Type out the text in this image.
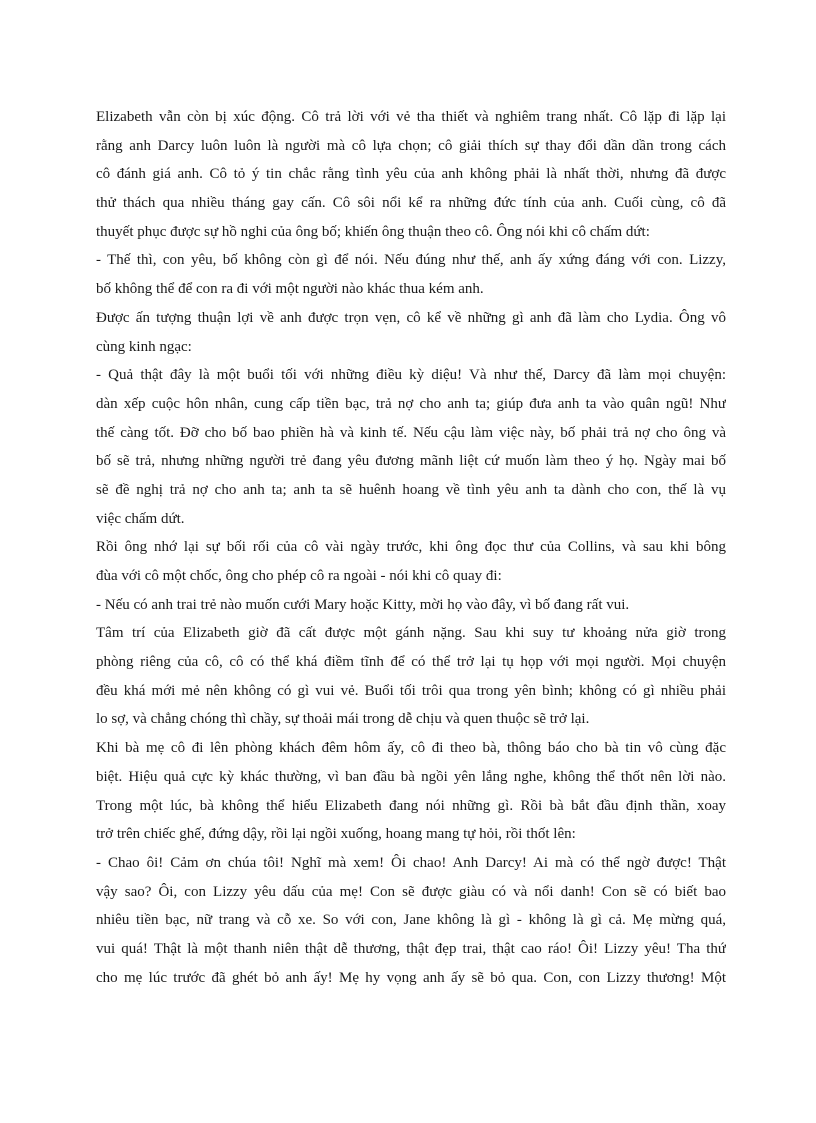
Elizabeth vẫn còn bị xúc động. Cô trả lời với vẻ tha thiết và nghiêm trang nhất. Cô lặp đi lặp lại
rằng anh Darcy luôn luôn là người mà cô lựa chọn; cô giải thích sự thay đổi dần dần trong cách
cô đánh giá anh. Cô tỏ ý tin chắc rằng tình yêu của anh không phải là nhất thời, nhưng đã được
thử thách qua nhiều tháng gay cấn. Cô sôi nổi kể ra những đức tính của anh. Cuối cùng, cô đã
thuyết phục được sự hồ nghi của ông bố; khiến ông thuận theo cô. Ông nói khi cô chấm dứt:
- Thế thì, con yêu, bố không còn gì để nói. Nếu đúng như thế, anh ấy xứng đáng với con. Lizzy,
bố không thể để con ra đi với một người nào khác thua kém anh.
Được ấn tượng thuận lợi về anh được trọn vẹn, cô kể về những gì anh đã làm cho Lydia. Ông vô
cùng kinh ngạc:
- Quả thật đây là một buổi tối với những điều kỳ diệu! Và như thế, Darcy đã làm mọi chuyện:
dàn xếp cuộc hôn nhân, cung cấp tiền bạc, trả nợ cho anh ta; giúp đưa anh ta vào quân ngũ! Như
thế càng tốt. Đỡ cho bố bao phiền hà và kinh tế. Nếu cậu làm việc này, bố phải trả nợ cho ông và
bố sẽ trả, nhưng những người trẻ đang yêu đương mãnh liệt cứ muốn làm theo ý họ. Ngày mai bố
sẽ đề nghị trả nợ cho anh ta; anh ta sẽ huênh hoang về tình yêu anh ta dành cho con, thế là vụ
việc chấm dứt.
Rồi ông nhớ lại sự bối rối của cô vài ngày trước, khi ông đọc thư của Collins, và sau khi bông
đùa với cô một chốc, ông cho phép cô ra ngoài - nói khi cô quay đi:
- Nếu có anh trai trẻ nào muốn cưới Mary hoặc Kitty, mời họ vào đây, vì bố đang rất vui.
Tâm trí của Elizabeth giờ đã cất được một gánh nặng. Sau khi suy tư khoảng nửa giờ trong
phòng riêng của cô, cô có thể khá điềm tĩnh để có thể trở lại tụ họp với mọi người. Mọi chuyện
đều khá mới mẻ nên không có gì vui vẻ. Buổi tối trôi qua trong yên bình; không có gì nhiều phải
lo sợ, và chẳng chóng thì chầy, sự thoải mái trong dễ chịu và quen thuộc sẽ trở lại.
Khi bà mẹ cô đi lên phòng khách đêm hôm ấy, cô đi theo bà, thông báo cho bà tin vô cùng đặc
biệt. Hiệu quả cực kỳ khác thường, vì ban đầu bà ngồi yên lắng nghe, không thể thốt nên lời nào.
Trong một lúc, bà không thể hiểu Elizabeth đang nói những gì. Rồi bà bắt đầu định thần, xoay
trở trên chiếc ghế, đứng dậy, rồi lại ngồi xuống, hoang mang tự hỏi, rồi thốt lên:
- Chao ôi! Cảm ơn chúa tôi! Nghĩ mà xem! Ôi chao! Anh Darcy! Ai mà có thể ngờ được! Thật
vậy sao? Ôi, con Lizzy yêu dấu của mẹ! Con sẽ được giàu có và nổi danh! Con sẽ có biết bao
nhiêu tiền bạc, nữ trang và cỗ xe. So với con, Jane không là gì - không là gì cả. Mẹ mừng quá,
vui quá! Thật là một thanh niên thật dễ thương, thật đẹp trai, thật cao ráo! Ôi! Lizzy yêu! Tha thứ
cho mẹ lúc trước đã ghét bỏ anh ấy! Mẹ hy vọng anh ấy sẽ bỏ qua. Con, con Lizzy thương! Một
